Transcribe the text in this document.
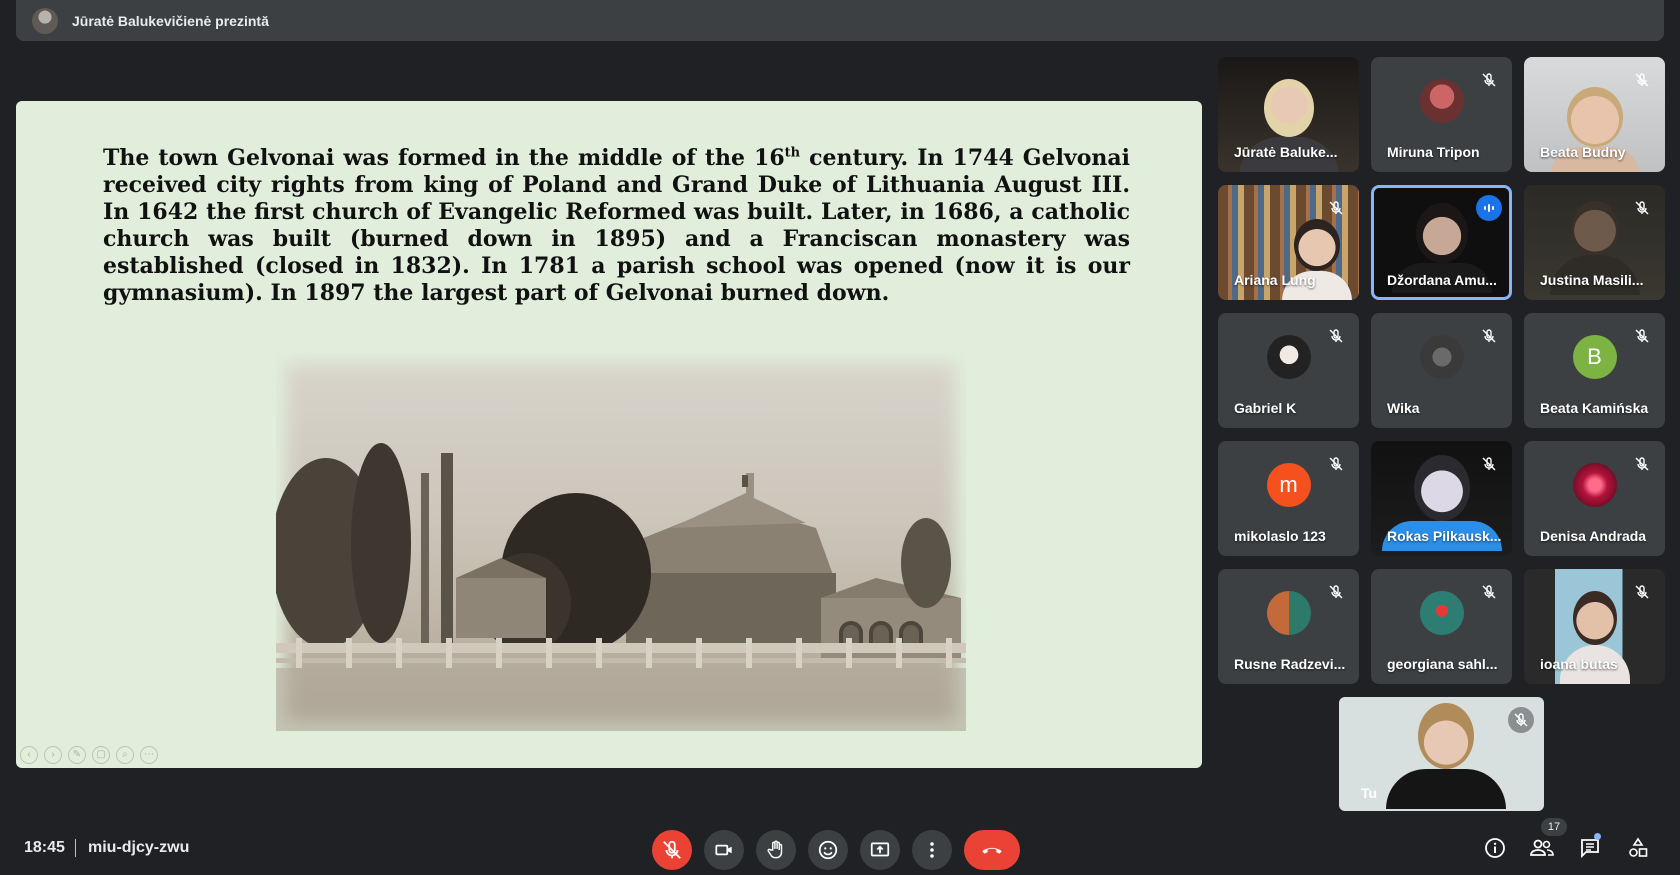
Jūratė Balukevičienė prezintă
The town Gelvonai was formed in the middle of the 16th century. In 1744 Gelvonai received city rights from king of Poland and Grand Duke of Lithuania August III. In 1642 the first church of Evangelic Reformed was built. Later, in 1686, a catholic church was built (burned down in 1895) and a Franciscan monastery was established (closed in 1832). In 1781 a parish school was opened (now it is our gymnasium). In 1897 the largest part of Gelvonai burned down.
‹	›	✎	▢	⌕	⋯
Jūratė Baluke...	Miruna Tripon	Beata Budny
Ariana Lung	Džordana Amu...	Justina Masili...
Gabriel K	Wika
B
Beata Kamińska
m
mikolaslo 123	Rokas Pilkausk...	Denisa Andrada
Rusne Radzevi...	georgiana sahl...	ioana butas
Tu
18:45 miu-djcy-zwu
17
